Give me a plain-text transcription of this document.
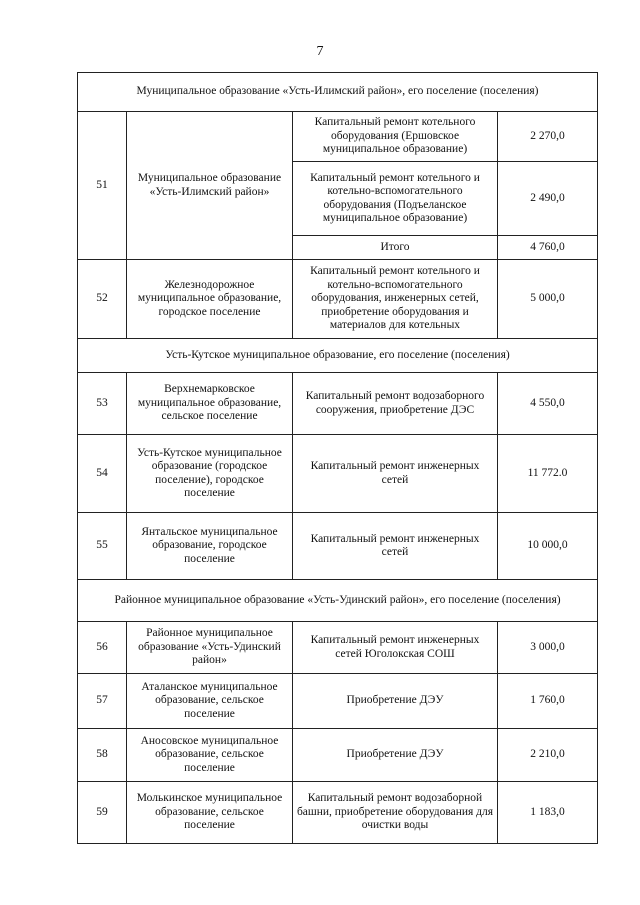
7
Муниципальное образование «Усть-Илимский район», его поселение (поселения)			
51	Муниципальное образование «Усть-Илимский район»	Капитальный ремонт котельного оборудования (Ершовское муниципальное образование)	2 270,0
		Капитальный ремонт котельного и котельно-вспомогательного оборудования (Подъеланское муниципальное образование)	2 490,0
		Итого	4 760,0
52	Железнодорожное муниципальное образование, городское поселение	Капитальный ремонт котельного и котельно-вспомогательного оборудования, инженерных сетей, приобретение оборудования и материалов для котельных	5 000,0
Усть-Кутское муниципальное образование, его поселение (поселения)			
53	Верхнемарковское муниципальное образование, сельское поселение	Капитальный ремонт водозаборного сооружения, приобретение ДЭС	4 550,0
54	Усть-Кутское муниципальное образование (городское поселение), городское поселение	Капитальный ремонт инженерных сетей	11 772.0
55	Янтальское муниципальное образование, городское поселение	Капитальный ремонт инженерных сетей	10 000,0
Районное муниципальное образование «Усть-Удинский район», его поселение (поселения)			
56	Районное муниципальное образование «Усть-Удинский район»	Капитальный ремонт инженерных сетей Юголокская СОШ	3 000,0
57	Аталанское муниципальное образование, сельское поселение	Приобретение ДЭУ	1 760,0
58	Аносовское муниципальное образование, сельское поселение	Приобретение ДЭУ	2 210,0
59	Молькинское муниципальное образование, сельское поселение	Капитальный ремонт водозаборной башни, приобретение оборудования для очистки воды	1 183,0
